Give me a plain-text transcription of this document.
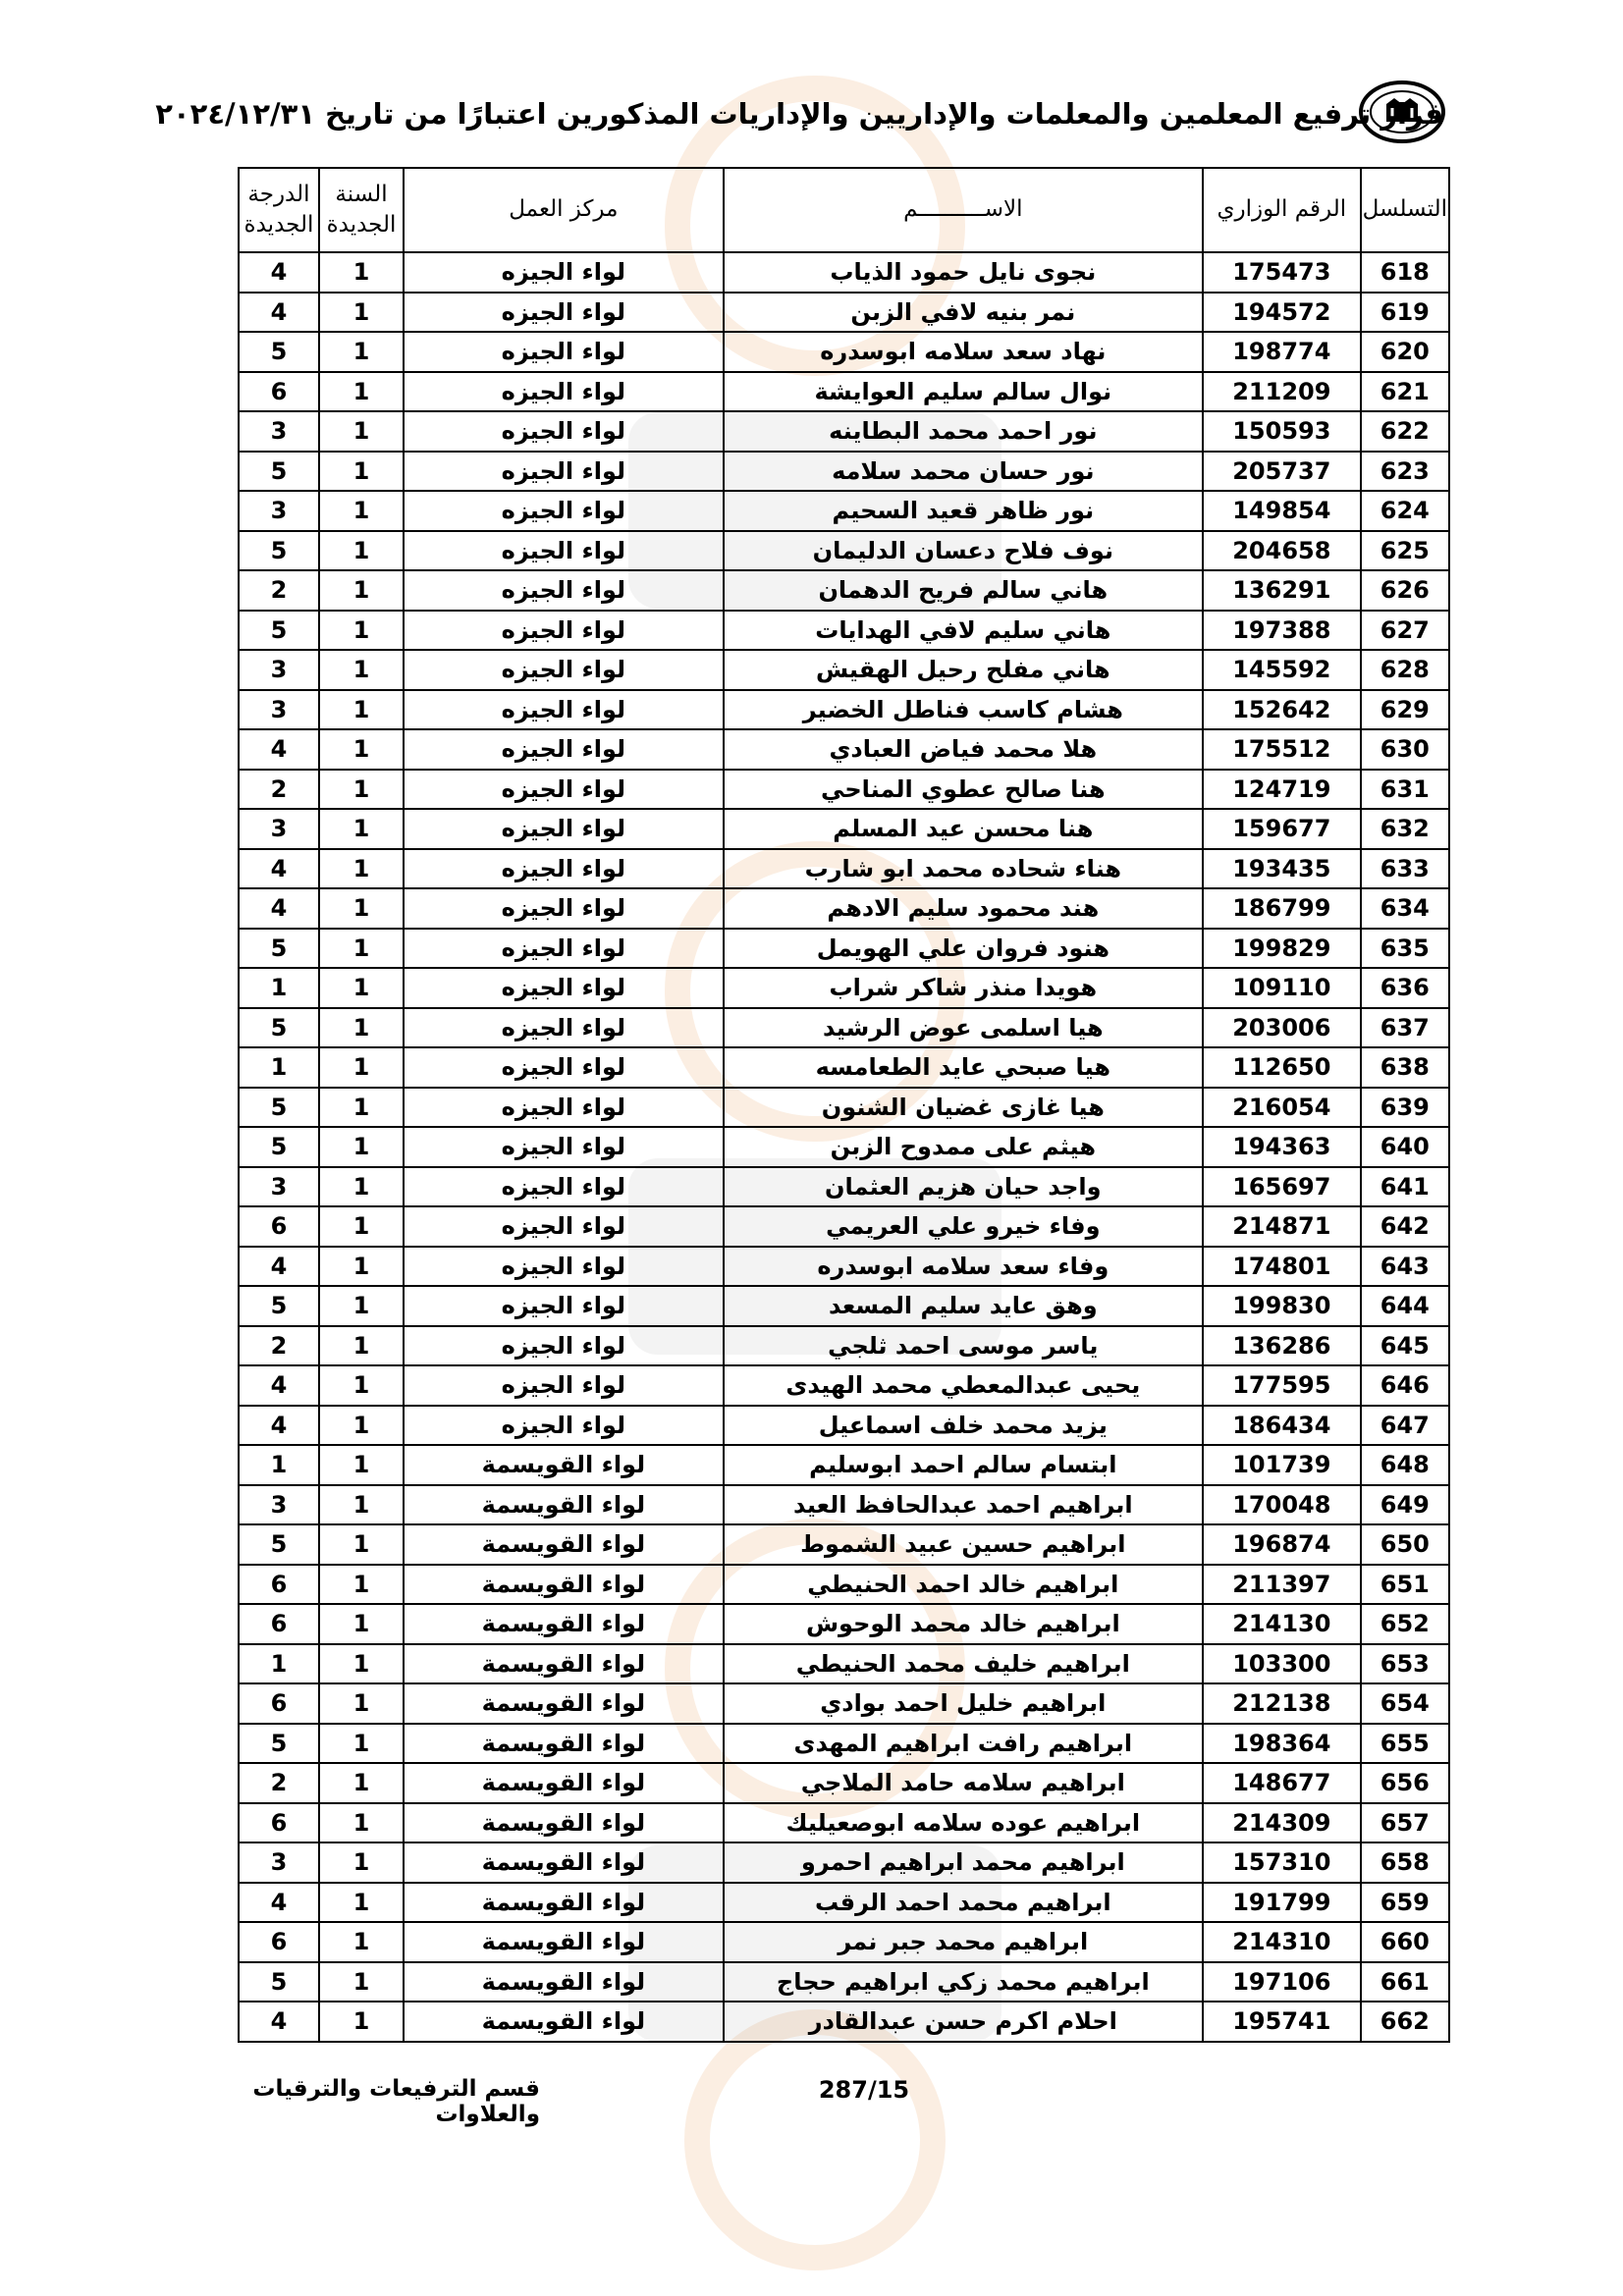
قرار ترفيع المعلمين والمعلمات والإداريين والإداريات المذكورين اعتبارًا من تاريخ ٢٠٢٤/١٢/٣١
التسلسل	الرقم الوزاري	الاســــــــــم	مركز العمل	السنة الجديدة	الدرجة الجديدة
618	175473	نجوى نايل حمود الذياب	لواء الجيزه	1	4
619	194572	نمر بنيه لافي الزبن	لواء الجيزه	1	4
620	198774	نهاد سعد سلامه ابوسدره	لواء الجيزه	1	5
621	211209	نوال سالم سليم العوايشة	لواء الجيزه	1	6
622	150593	نور احمد محمد البطاينه	لواء الجيزه	1	3
623	205737	نور حسان محمد سلامه	لواء الجيزه	1	5
624	149854	نور ظاهر قعيد السحيم	لواء الجيزه	1	3
625	204658	نوف فلاح دعسان الدليمان	لواء الجيزه	1	5
626	136291	هاني سالم فريح الدهمان	لواء الجيزه	1	2
627	197388	هاني سليم لافي الهدايات	لواء الجيزه	1	5
628	145592	هاني مفلح رحيل الهقيش	لواء الجيزه	1	3
629	152642	هشام كاسب فناطل الخضير	لواء الجيزه	1	3
630	175512	هلا محمد فياض العبادي	لواء الجيزه	1	4
631	124719	هنا صالح عطوي المناحي	لواء الجيزه	1	2
632	159677	هنا محسن عيد المسلم	لواء الجيزه	1	3
633	193435	هناء شحاده محمد ابو شارب	لواء الجيزه	1	4
634	186799	هند محمود سليم الادهم	لواء الجيزه	1	4
635	199829	هنود فروان علي الهويمل	لواء الجيزه	1	5
636	109110	هويدا منذر شاكر شراب	لواء الجيزه	1	1
637	203006	هيا اسلمى عوض الرشيد	لواء الجيزه	1	5
638	112650	هيا صبحي عايد الطعامسه	لواء الجيزه	1	1
639	216054	هيا غازى غضيان الشنون	لواء الجيزه	1	5
640	194363	هيثم على ممدوح الزبن	لواء الجيزه	1	5
641	165697	واجد حيان هزيم العثمان	لواء الجيزه	1	3
642	214871	وفاء خيرو علي العريمي	لواء الجيزه	1	6
643	174801	وفاء سعد سلامه ابوسدره	لواء الجيزه	1	4
644	199830	وهق عايد سليم المسعد	لواء الجيزه	1	5
645	136286	ياسر موسى احمد ثلجي	لواء الجيزه	1	2
646	177595	يحيى عبدالمعطي محمد الهيدى	لواء الجيزه	1	4
647	186434	يزيد محمد خلف اسماعيل	لواء الجيزه	1	4
648	101739	ابتسام سالم احمد ابوسليم	لواء القويسمة	1	1
649	170048	ابراهيم احمد عبدالحافظ العيد	لواء القويسمة	1	3
650	196874	ابراهيم حسين عبيد الشموط	لواء القويسمة	1	5
651	211397	ابراهيم خالد احمد الحنيطي	لواء القويسمة	1	6
652	214130	ابراهيم خالد محمد الوحوش	لواء القويسمة	1	6
653	103300	ابراهيم خليف محمد الحنيطي	لواء القويسمة	1	1
654	212138	ابراهيم خليل احمد بوادي	لواء القويسمة	1	6
655	198364	ابراهيم رافت ابراهيم المهدى	لواء القويسمة	1	5
656	148677	ابراهيم سلامه حامد الملاجي	لواء القويسمة	1	2
657	214309	ابراهيم عوده سلامه ابوصعيليك	لواء القويسمة	1	6
658	157310	ابراهيم محمد ابراهيم احمرو	لواء القويسمة	1	3
659	191799	ابراهيم محمد احمد الرقب	لواء القويسمة	1	4
660	214310	ابراهيم محمد جبر نمر	لواء القويسمة	1	6
661	197106	ابراهيم محمد زكي ابراهيم حجاج	لواء القويسمة	1	5
662	195741	احلام اكرم حسن عبدالقادر	لواء القويسمة	1	4
287/15
قسم الترفيعات والترقيات والعلاوات
